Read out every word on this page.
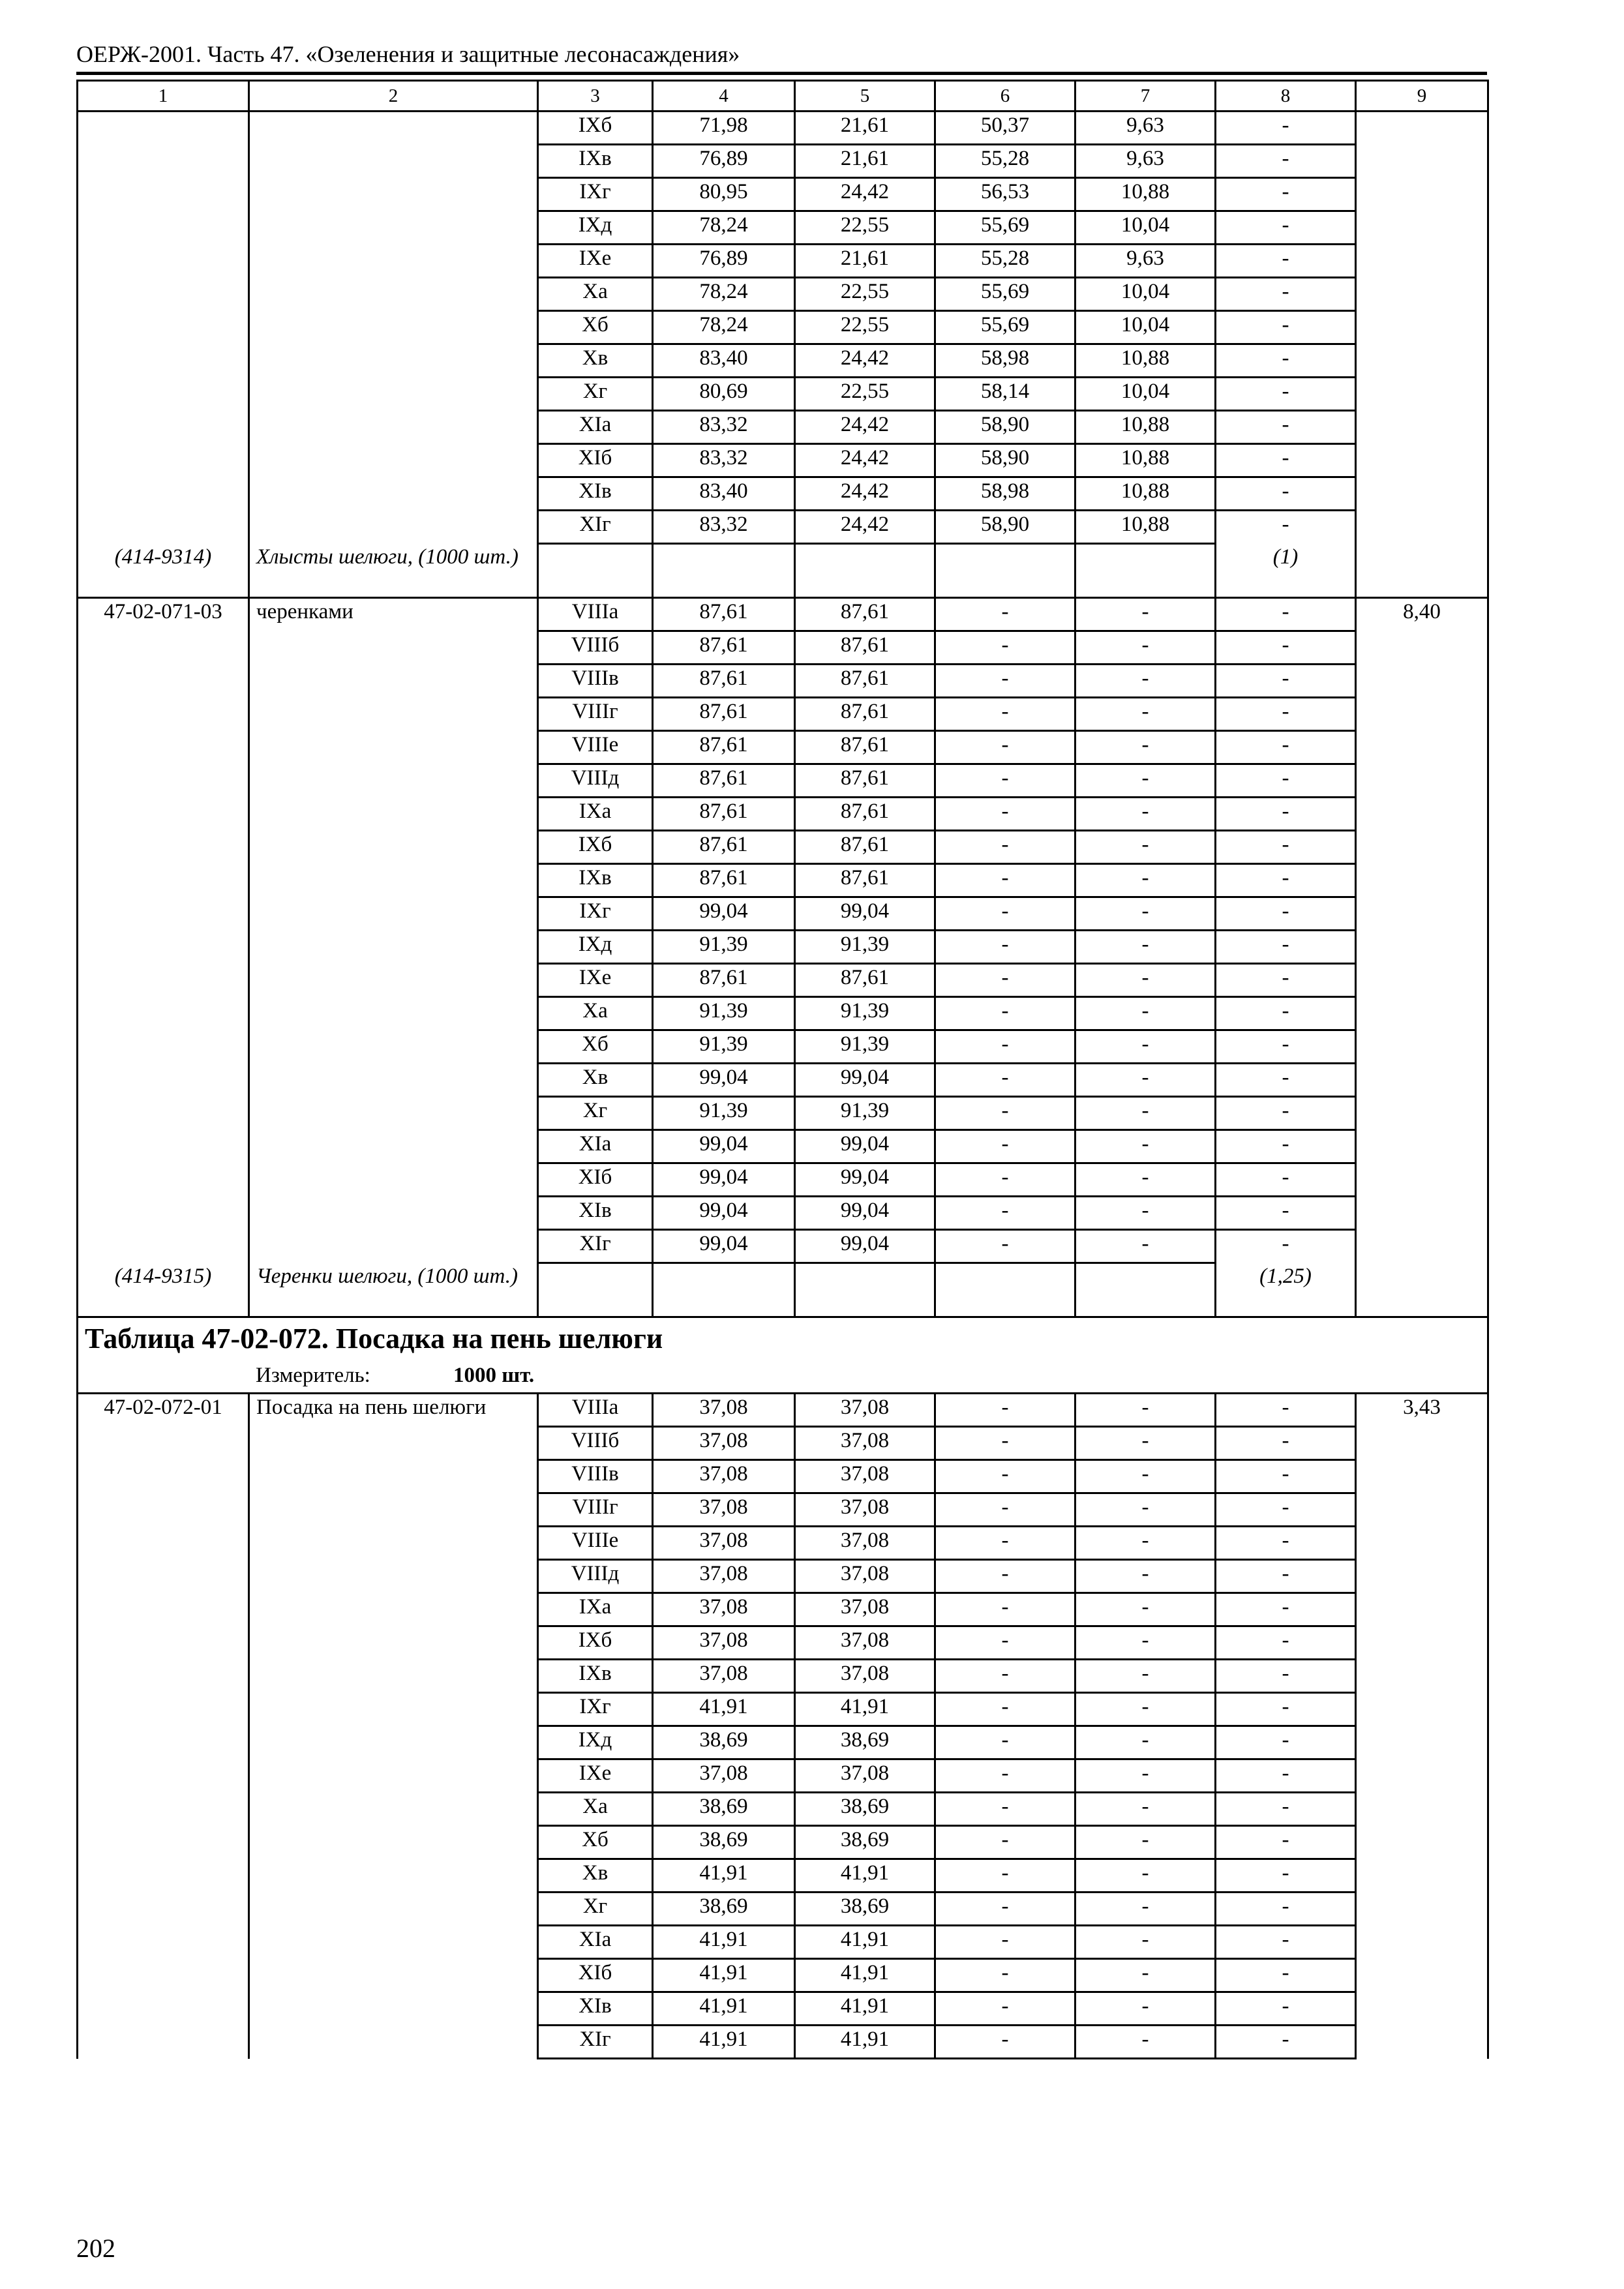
ОЕРЖ-2001. Часть 47. «Озеленения и защитные лесонасаждения»
1	2	3	4	5	6	7	8	9
		IXб	71,98	21,61	50,37	9,63	-	
		IXв	76,89	21,61	55,28	9,63	-	
		IXг	80,95	24,42	56,53	10,88	-	
		IXд	78,24	22,55	55,69	10,04	-	
		IXе	76,89	21,61	55,28	9,63	-	
		Xа	78,24	22,55	55,69	10,04	-	
		Xб	78,24	22,55	55,69	10,04	-	
		Xв	83,40	24,42	58,98	10,88	-	
		Xг	80,69	22,55	58,14	10,04	-	
		XIа	83,32	24,42	58,90	10,88	-	
		XIб	83,32	24,42	58,90	10,88	-	
		XIв	83,40	24,42	58,98	10,88	-	
		XIг	83,32	24,42	58,90	10,88	-	
(414-9314)	Хлысты шелюги, (1000 шт.)						(1)	
47-02-071-03	черенками	VIIIа	87,61	87,61	-	-	-	8,40
		VIIIб	87,61	87,61	-	-	-	
		VIIIв	87,61	87,61	-	-	-	
		VIIIг	87,61	87,61	-	-	-	
		VIIIе	87,61	87,61	-	-	-	
		VIIIд	87,61	87,61	-	-	-	
		IXа	87,61	87,61	-	-	-	
		IXб	87,61	87,61	-	-	-	
		IXв	87,61	87,61	-	-	-	
		IXг	99,04	99,04	-	-	-	
		IXд	91,39	91,39	-	-	-	
		IXе	87,61	87,61	-	-	-	
		Xа	91,39	91,39	-	-	-	
		Xб	91,39	91,39	-	-	-	
		Xв	99,04	99,04	-	-	-	
		Xг	91,39	91,39	-	-	-	
		XIа	99,04	99,04	-	-	-	
		XIб	99,04	99,04	-	-	-	
		XIв	99,04	99,04	-	-	-	
		XIг	99,04	99,04	-	-	-	
(414-9315)	Черенки шелюги, (1000 шт.)						(1,25)	
Таблица 47-02-072. Посадка на пень шелюги								
Измеритель: 1000 шт.								
47-02-072-01	Посадка на пень шелюги	VIIIа	37,08	37,08	-	-	-	3,43
		VIIIб	37,08	37,08	-	-	-	
		VIIIв	37,08	37,08	-	-	-	
		VIIIг	37,08	37,08	-	-	-	
		VIIIе	37,08	37,08	-	-	-	
		VIIIд	37,08	37,08	-	-	-	
		IXа	37,08	37,08	-	-	-	
		IXб	37,08	37,08	-	-	-	
		IXв	37,08	37,08	-	-	-	
		IXг	41,91	41,91	-	-	-	
		IXд	38,69	38,69	-	-	-	
		IXе	37,08	37,08	-	-	-	
		Xа	38,69	38,69	-	-	-	
		Xб	38,69	38,69	-	-	-	
		Xв	41,91	41,91	-	-	-	
		Xг	38,69	38,69	-	-	-	
		XIа	41,91	41,91	-	-	-	
		XIб	41,91	41,91	-	-	-	
		XIв	41,91	41,91	-	-	-	
		XIг	41,91	41,91	-	-	-	
202
